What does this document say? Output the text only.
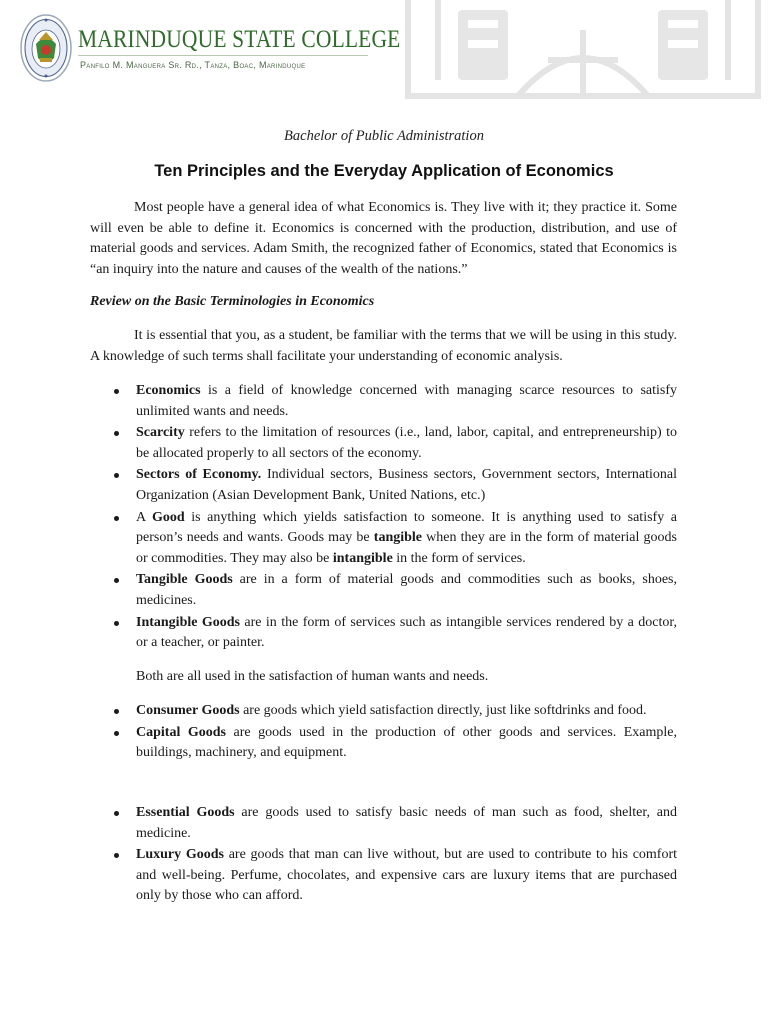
MARINDUQUE STATE COLLEGE
Panfilo M. Manguera Sr. Rd., Tanza, Boac, Marinduque
Bachelor of Public Administration
Ten Principles and the Everyday Application of Economics

Most people have a general idea of what Economics is. They live with it; they practice it. Some will even be able to define it. Economics is concerned with the production, distribution, and use of material goods and services. Adam Smith, the recognized father of Economics, stated that Economics is “an inquiry into the nature and causes of the wealth of the nations.”

Review on the Basic Terminologies in Economics

It is essential that you, as a student, be familiar with the terms that we will be using in this study. A knowledge of such terms shall facilitate your understanding of economic analysis.

Economics is a field of knowledge concerned with managing scarce resources to satisfy unlimited wants and needs.
Scarcity refers to the limitation of resources (i.e., land, labor, capital, and entrepreneurship) to be allocated properly to all sectors of the economy.
Sectors of Economy. Individual sectors, Business sectors, Government sectors, International Organization (Asian Development Bank, United Nations, etc.)
A Good is anything which yields satisfaction to someone. It is anything used to satisfy a person’s needs and wants. Goods may be tangible when they are in the form of material goods or commodities. They may also be intangible in the form of services.
Tangible Goods are in a form of material goods and commodities such as books, shoes, medicines.
Intangible Goods are in the form of services such as intangible services rendered by a doctor, or a teacher, or painter.
Both are all used in the satisfaction of human wants and needs.
Consumer Goods are goods which yield satisfaction directly, just like softdrinks and food.
Capital Goods are goods used in the production of other goods and services. Example, buildings, machinery, and equipment.
Essential Goods are goods used to satisfy basic needs of man such as food, shelter, and medicine.
Luxury Goods are goods that man can live without, but are used to contribute to his comfort and well-being. Perfume, chocolates, and expensive cars are luxury items that are purchased only by those who can afford.
